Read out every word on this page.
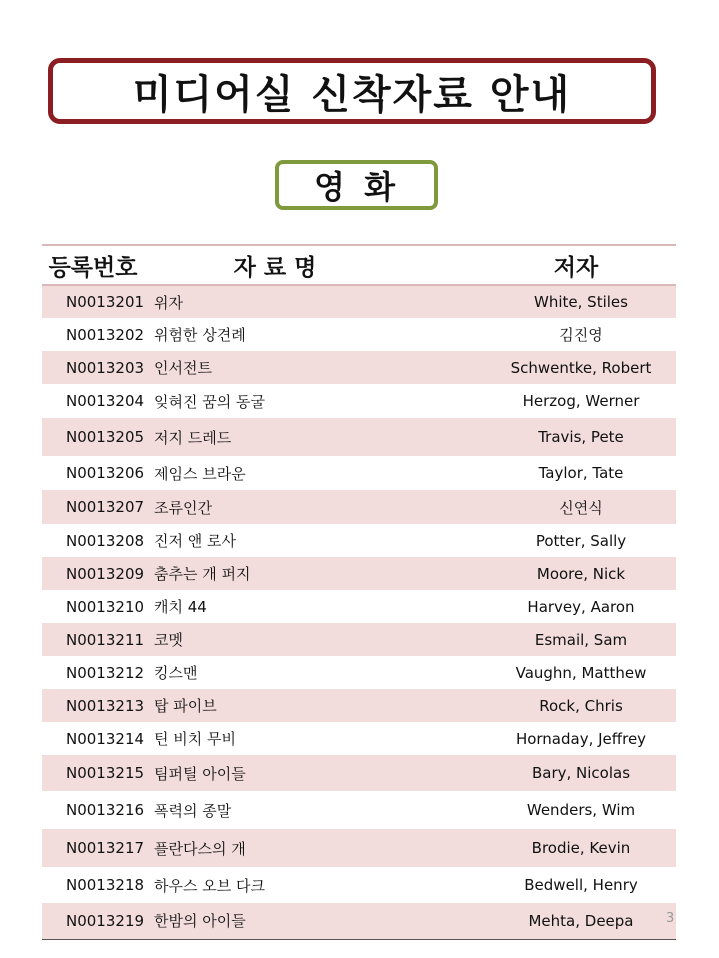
미디어실 신착자료 안내
영 화
등록번호	자 료 명	저자
N0013201	위자	White, Stiles
N0013202	위험한 상견례	김진영
N0013203	인서전트	Schwentke, Robert
N0013204	잊혀진 꿈의 동굴	Herzog, Werner
N0013205	저지 드레드	Travis, Pete
N0013206	제임스 브라운	Taylor, Tate
N0013207	조류인간	신연식
N0013208	진저 앤 로사	Potter, Sally
N0013209	춤추는 개 퍼지	Moore, Nick
N0013210	캐치 44	Harvey, Aaron
N0013211	코멧	Esmail, Sam
N0013212	킹스맨	Vaughn, Matthew
N0013213	탑 파이브	Rock, Chris
N0013214	틴 비치 무비	Hornaday, Jeffrey
N0013215	팀퍼틸 아이들	Bary, Nicolas
N0013216	폭력의 종말	Wenders, Wim
N0013217	플란다스의 개	Brodie, Kevin
N0013218	하우스 오브 다크	Bedwell, Henry
N0013219	한밤의 아이들	Mehta, Deepa	3
